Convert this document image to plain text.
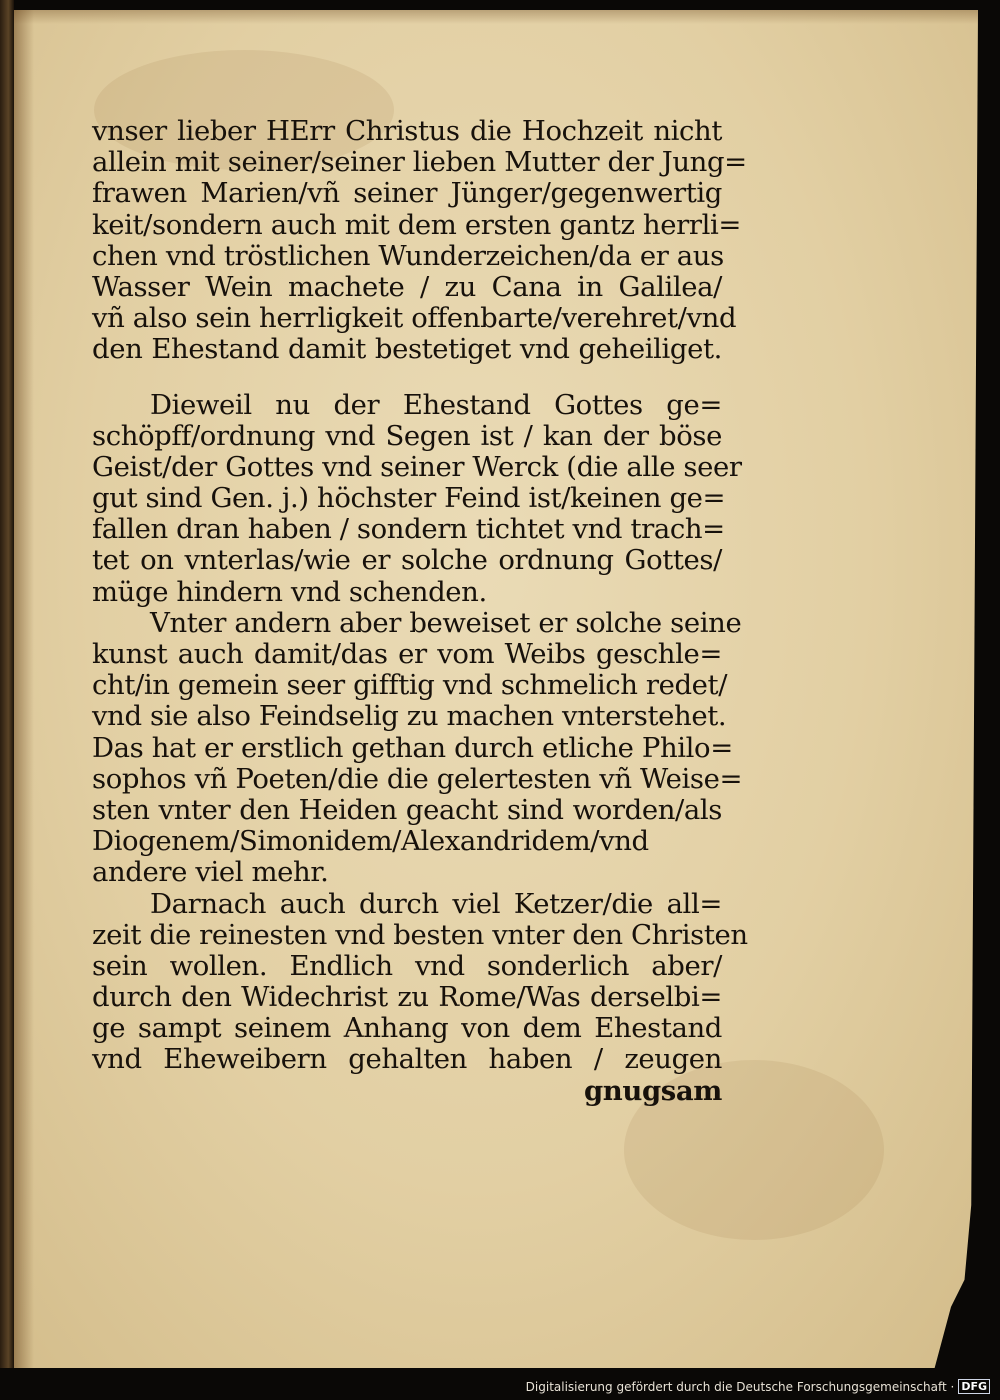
vnser lieber HErr Christus die Hochzeit nicht
allein mit seiner/seiner lieben Mutter der Jung=
frawen Marien/vñ seiner Jünger/gegenwertig
keit/sondern auch mit dem ersten gantz herrli=
chen vnd tröstlichen Wunderzeichen/da er aus
Wasser Wein machete / zu Cana in Galilea/
vñ also sein herrligkeit offenbarte/verehret/vnd
den Ehestand damit bestetiget vnd geheiliget.
Dieweil nu der Ehestand Gottes ge=
schöpff/ordnung vnd Segen ist / kan der böse
Geist/der Gottes vnd seiner Werck (die alle seer
gut sind Gen. j.) höchster Feind ist/keinen ge=
fallen dran haben / sondern tichtet vnd trach=
tet on vnterlas/wie er solche ordnung Gottes/
müge hindern vnd schenden.
Vnter andern aber beweiset er solche seine
kunst auch damit/das er vom Weibs geschle=
cht/in gemein seer gifftig vnd schmelich redet/
vnd sie also Feindselig zu machen vnterstehet.
Das hat er erstlich gethan durch etliche Philo=
sophos vñ Poeten/die die gelertesten vñ Weise=
sten vnter den Heiden geacht sind worden/als
Diogenem/Simonidem/Alexandridem/vnd
andere viel mehr.
Darnach auch durch viel Ketzer/die all=
zeit die reinesten vnd besten vnter den Christen
sein wollen. Endlich vnd sonderlich aber/
durch den Widechrist zu Rome/Was derselbi=
ge sampt seinem Anhang von dem Ehestand
vnd Eheweibern gehalten haben / zeugen
gnugsam
Digitalisierung gefördert durch die Deutsche Forschungsgemeinschaft · DFG
